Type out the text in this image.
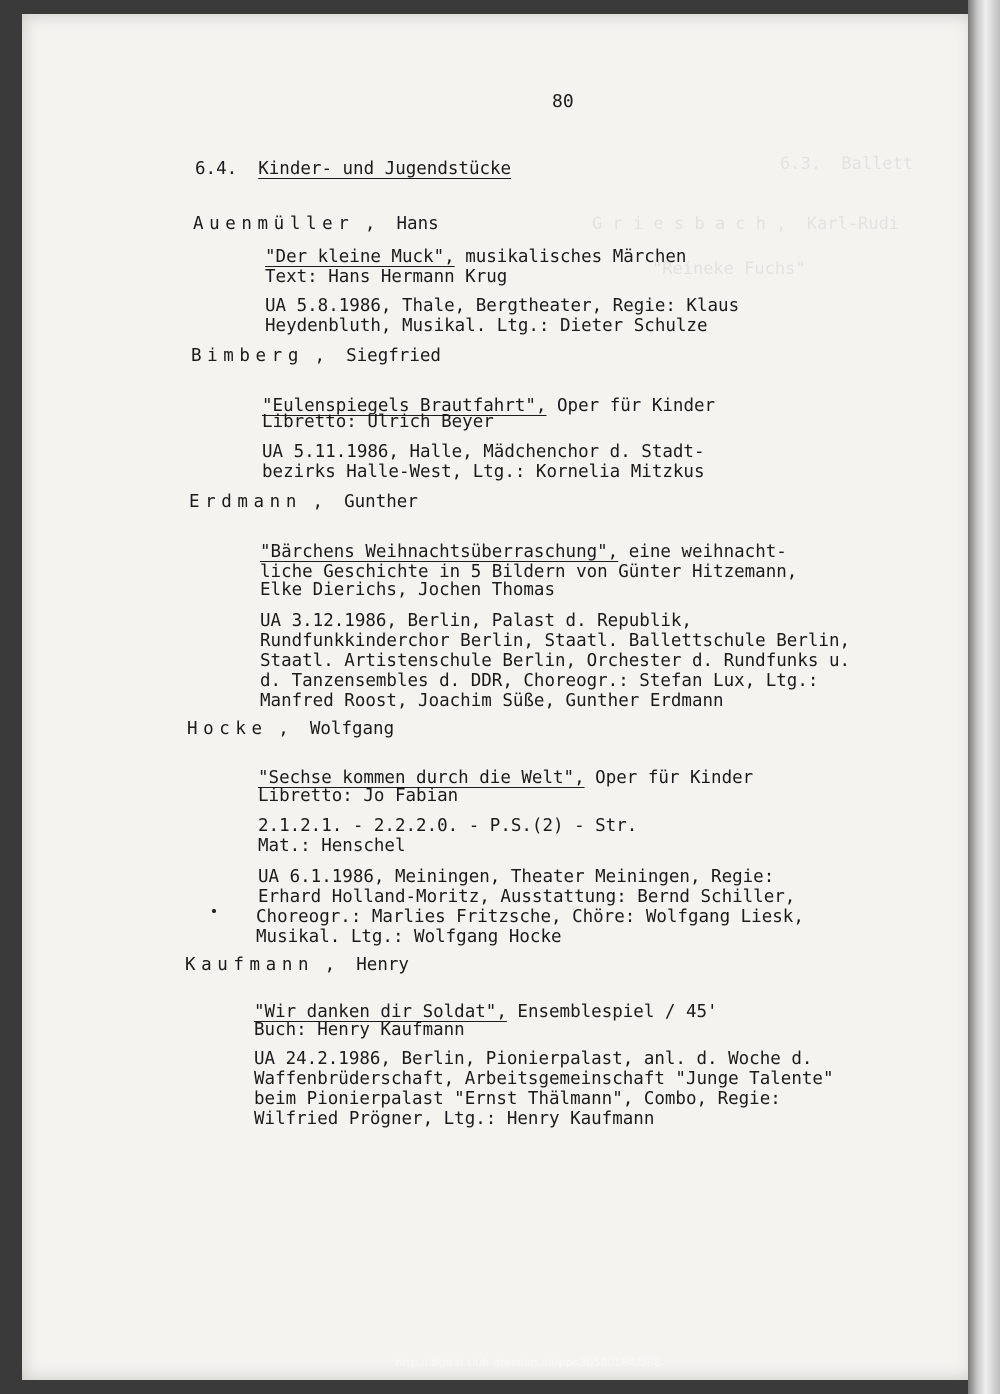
6.3.  Ballett
G r i e s b a c h ,  Karl-Rudi
"Reineke Fuchs"
80
6.4. Kinder- und Jugendstücke
Auenmüller ,  Hans
"Der kleine Muck", musikalisches Märchen
Text: Hans Hermann Krug
UA 5.8.1986, Thale, Bergtheater, Regie: Klaus
Heydenbluth, Musikal. Ltg.: Dieter Schulze
Bimberg ,  Siegfried
"Eulenspiegels Brautfahrt", Oper für Kinder
Libretto: Ulrich Beyer
UA 5.11.1986, Halle, Mädchenchor d. Stadt-
bezirks Halle-West, Ltg.: Kornelia Mitzkus
Erdmann ,  Gunther
"Bärchens Weihnachtsüberraschung", eine weihnacht-
liche Geschichte in 5 Bildern von Günter Hitzemann,
Elke Dierichs, Jochen Thomas
UA 3.12.1986, Berlin, Palast d. Republik,
Rundfunkkinderchor Berlin, Staatl. Ballettschule Berlin,
Staatl. Artistenschule Berlin, Orchester d. Rundfunks u.
d. Tanzensembles d. DDR, Choreogr.: Stefan Lux, Ltg.:
Manfred Roost, Joachim Süße, Gunther Erdmann
Hocke ,  Wolfgang
"Sechse kommen durch die Welt", Oper für Kinder
Libretto: Jo Fabian
2.1.2.1. - 2.2.2.0. - P.S.(2) - Str.
Mat.: Henschel
UA 6.1.1986, Meiningen, Theater Meiningen, Regie:
Erhard Holland-Moritz, Ausstattung: Bernd Schiller,
Choreogr.: Marlies Fritzsche, Chöre: Wolfgang Liesk,
Musikal. Ltg.: Wolfgang Hocke
Kaufmann ,  Henry
"Wir danken dir Soldat", Ensemblespiel / 45'
Buch: Henry Kaufmann
UA 24.2.1986, Berlin, Pionierpalast, anl. d. Woche d.
Waffenbrüderschaft, Arbeitsgemeinschaft "Junge Talente"
beim Pionierpalast "Ernst Thälmann", Combo, Regie:
Wilfried Prögner, Ltg.: Henry Kaufmann
http://digital.slub-dresden.de/ppn30580164Z/88
